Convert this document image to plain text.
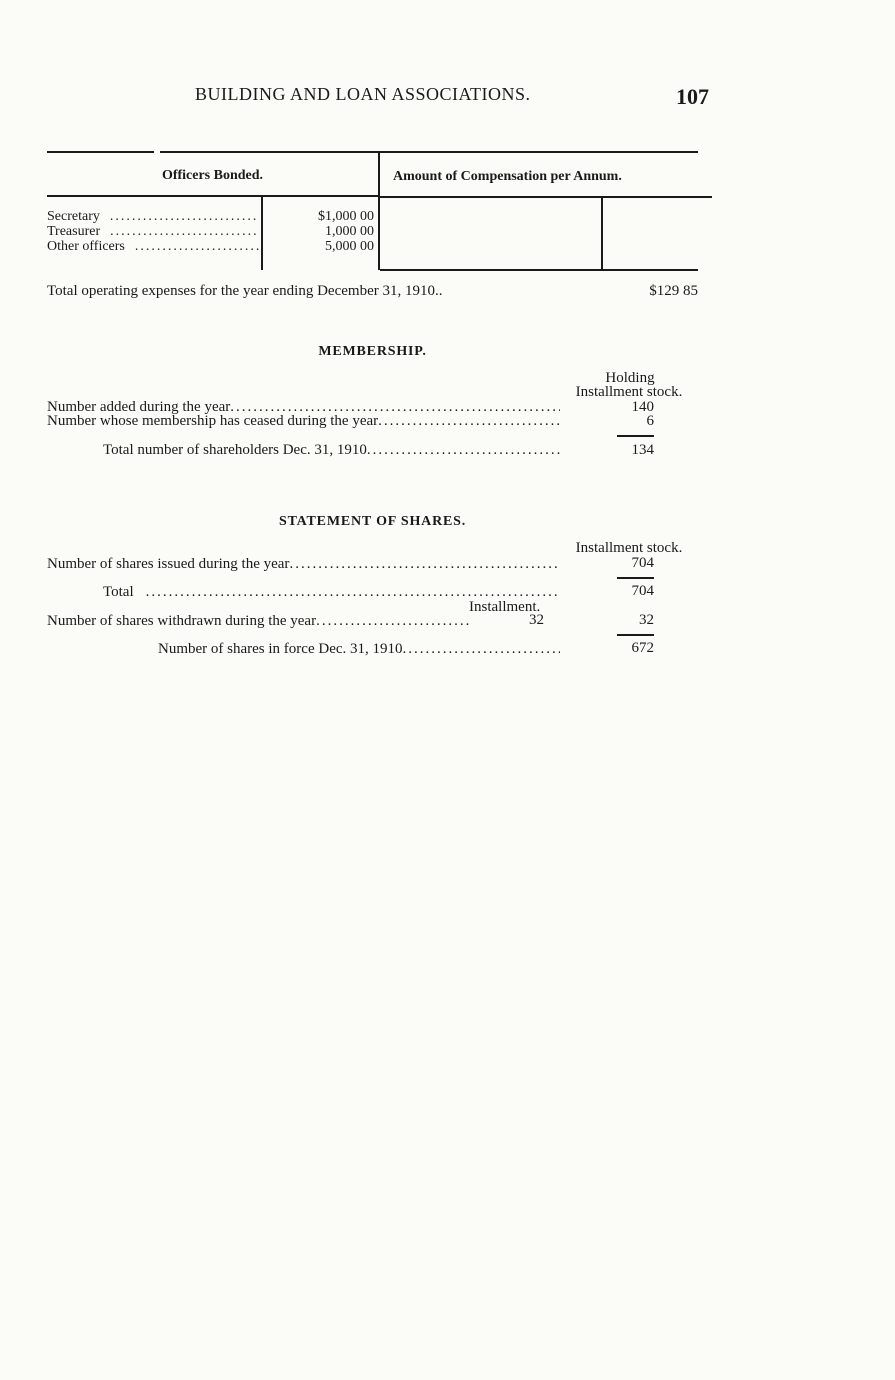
BUILDING AND LOAN ASSOCIATIONS.	107
Officers Bonded.	Amount of Compensation per Annum.
Secretary .....	$1,000 00
Treasurer .....	1,000 00
Other officers .....	5,000 00
Total operating expenses for the year ending December 31, 1910..	$129 85
MEMBERSHIP.
Holding
Installment stock.
Number added during the year .....	140
Number whose membership has ceased during the year .....	6
Total number of shareholders Dec. 31, 1910 .....	134
STATEMENT OF SHARES.
Installment stock.
Number of shares issued during the year .....	704
Total .....	704
Installment.
Number of shares withdrawn during the year .....	32	32
Number of shares in force Dec. 31, 1910 .....	672
